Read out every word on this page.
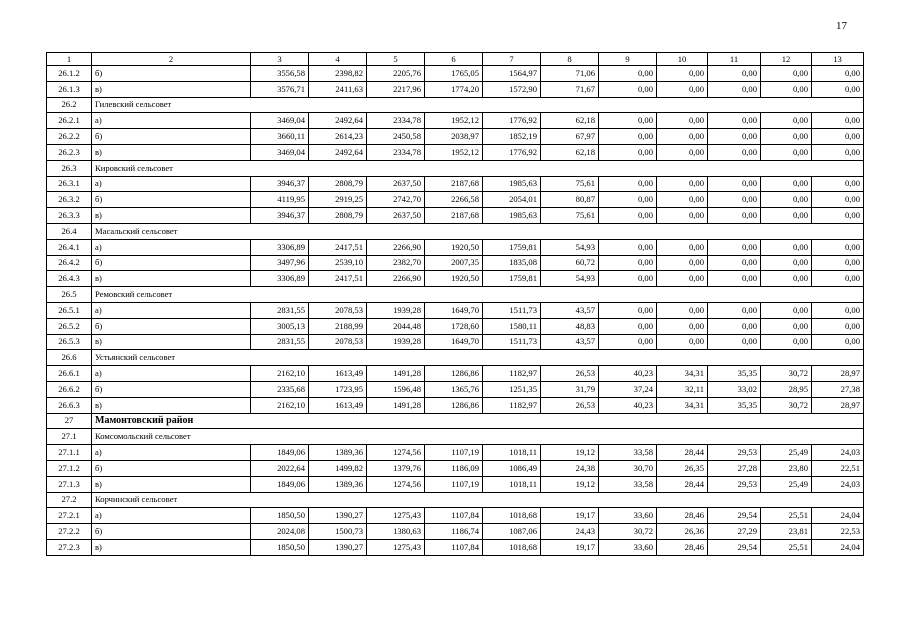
17
1	2	3	4	5	6	7	8	9	10	11	12	13
26.1.2	б)	3556,58	2398,82	2205,76	1765,05	1564,97	71,06	0,00	0,00	0,00	0,00	0,00
26.1.3	в)	3576,71	2411,63	2217,96	1774,20	1572,90	71,67	0,00	0,00	0,00	0,00	0,00
26.2	Гилевский сельсовет											
26.2.1	а)	3469,04	2492,64	2334,78	1952,12	1776,92	62,18	0,00	0,00	0,00	0,00	0,00
26.2.2	б)	3660,11	2614,23	2450,58	2038,97	1852,19	67,97	0,00	0,00	0,00	0,00	0,00
26.2.3	в)	3469,04	2492,64	2334,78	1952,12	1776,92	62,18	0,00	0,00	0,00	0,00	0,00
26.3	Кировский сельсовет											
26.3.1	а)	3946,37	2808,79	2637,50	2187,68	1985,63	75,61	0,00	0,00	0,00	0,00	0,00
26.3.2	б)	4119,95	2919,25	2742,70	2266,58	2054,01	80,87	0,00	0,00	0,00	0,00	0,00
26.3.3	в)	3946,37	2808,79	2637,50	2187,68	1985,63	75,61	0,00	0,00	0,00	0,00	0,00
26.4	Масальский сельсовет											
26.4.1	а)	3306,89	2417,51	2266,90	1920,50	1759,81	54,93	0,00	0,00	0,00	0,00	0,00
26.4.2	б)	3497,96	2539,10	2382,70	2007,35	1835,08	60,72	0,00	0,00	0,00	0,00	0,00
26.4.3	в)	3306,89	2417,51	2266,90	1920,50	1759,81	54,93	0,00	0,00	0,00	0,00	0,00
26.5	Ремовский сельсовет											
26.5.1	а)	2831,55	2078,53	1939,28	1649,70	1511,73	43,57	0,00	0,00	0,00	0,00	0,00
26.5.2	б)	3005,13	2188,99	2044,48	1728,60	1580,11	48,83	0,00	0,00	0,00	0,00	0,00
26.5.3	в)	2831,55	2078,53	1939,28	1649,70	1511,73	43,57	0,00	0,00	0,00	0,00	0,00
26.6	Устьянский сельсовет											
26.6.1	а)	2162,10	1613,49	1491,28	1286,86	1182,97	26,53	40,23	34,31	35,35	30,72	28,97
26.6.2	б)	2335,68	1723,95	1596,48	1365,76	1251,35	31,79	37,24	32,11	33,02	28,95	27,38
26.6.3	в)	2162,10	1613,49	1491,28	1286,86	1182,97	26,53	40,23	34,31	35,35	30,72	28,97
27	Мамонтовский район											
27.1	Комсомольский сельсовет											
27.1.1	а)	1849,06	1389,36	1274,56	1107,19	1018,11	19,12	33,58	28,44	29,53	25,49	24,03
27.1.2	б)	2022,64	1499,82	1379,76	1186,09	1086,49	24,38	30,70	26,35	27,28	23,80	22,51
27.1.3	в)	1849,06	1389,36	1274,56	1107,19	1018,11	19,12	33,58	28,44	29,53	25,49	24,03
27.2	Корчинский сельсовет											
27.2.1	а)	1850,50	1390,27	1275,43	1107,84	1018,68	19,17	33,60	28,46	29,54	25,51	24,04
27.2.2	б)	2024,08	1500,73	1380,63	1186,74	1087,06	24,43	30,72	26,36	27,29	23,81	22,53
27.2.3	в)	1850,50	1390,27	1275,43	1107,84	1018,68	19,17	33,60	28,46	29,54	25,51	24,04
